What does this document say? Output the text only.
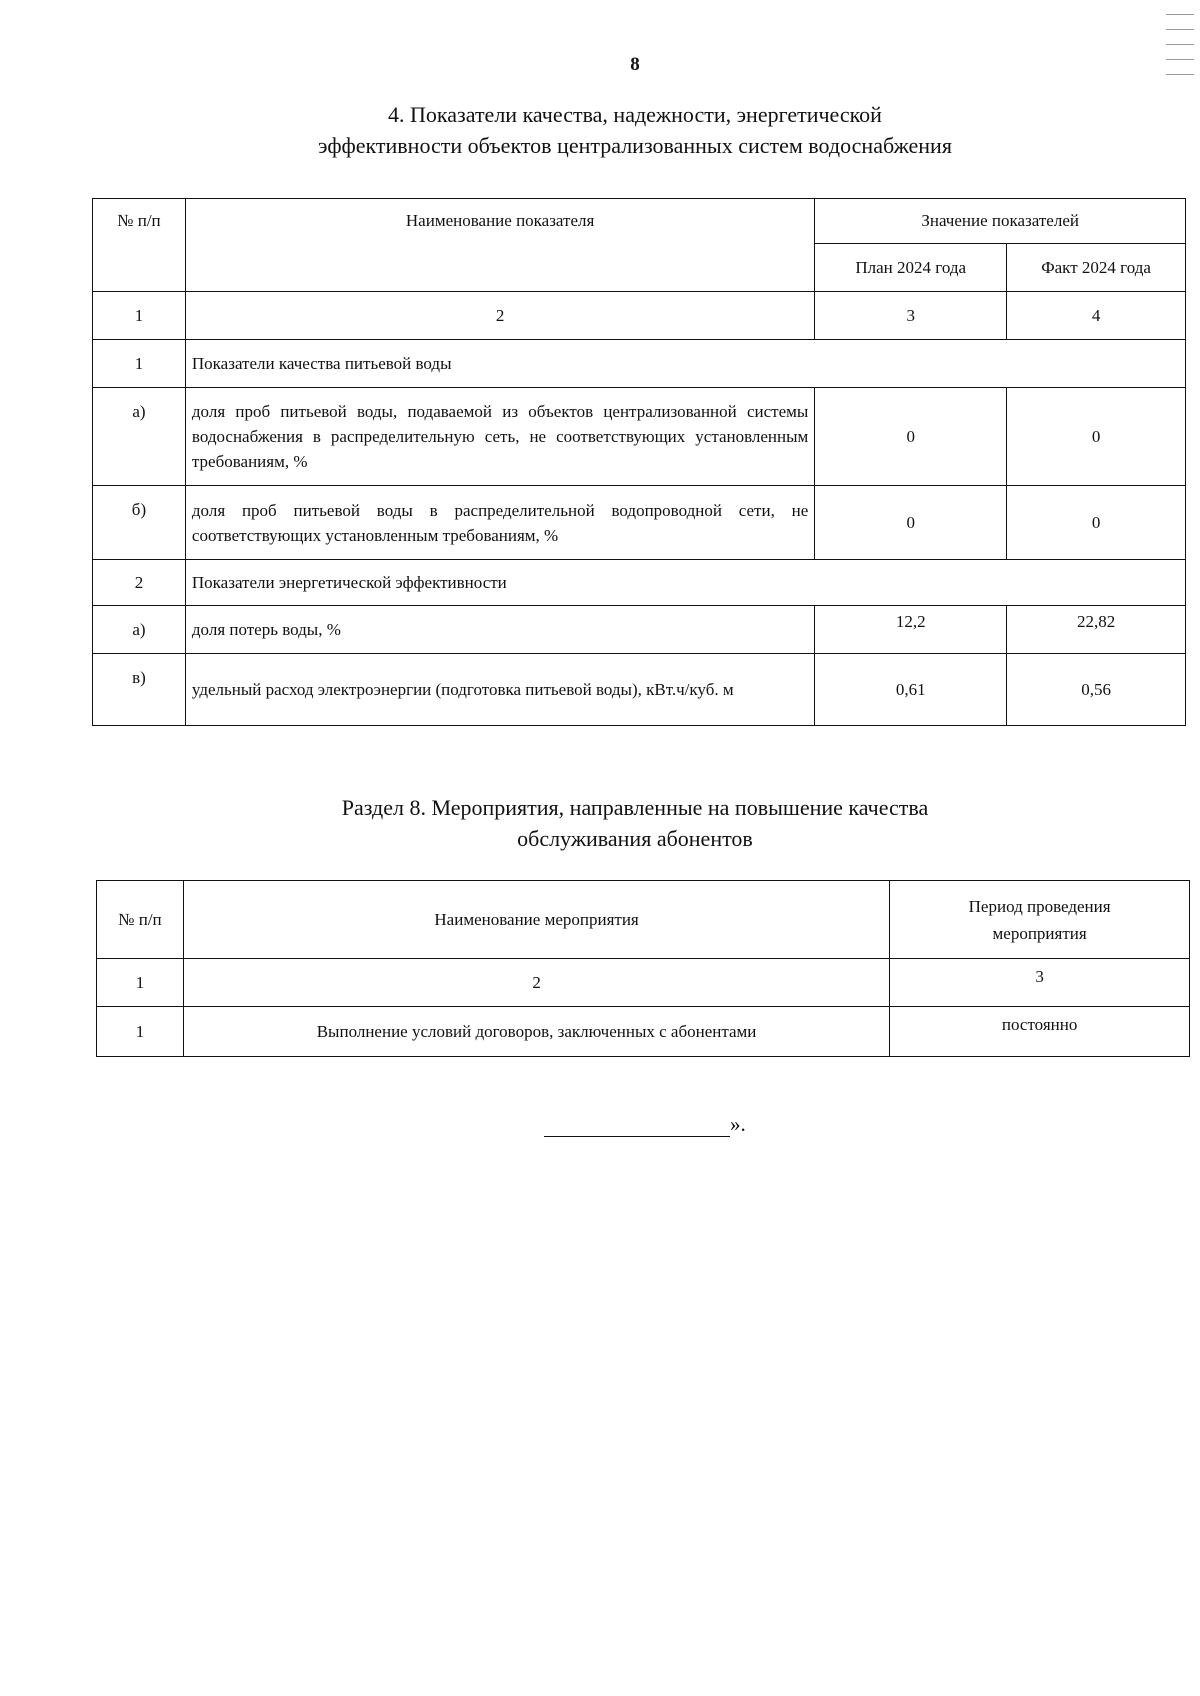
8
4. Показатели качества, надежности, энергетической
эффективности объектов централизованных систем водоснабжения
№ п/п	Наименование показателя	Значение показателей	
		План 2024 года	Факт 2024 года
1	2	3	4
1	Показатели качества питьевой воды		
а)	доля проб питьевой воды, подаваемой из объектов централизованной системы водоснабжения в распределительную сеть, не соответствующих установленным требованиям, %	0	0
б)	доля проб питьевой воды в распределительной водопроводной сети, не соответствующих установленным требованиям, %	0	0
2	Показатели энергетической эффективности		
а)	доля потерь воды, %	12,2	22,82
в)	удельный расход электроэнергии (подготовка питьевой воды), кВт.ч/куб. м	0,61	0,56
Раздел 8. Мероприятия, направленные на повышение качества
обслуживания абонентов
№ п/п	Наименование мероприятия	Период проведения
мероприятия

1	2	3
1	Выполнение условий договоров, заключенных с абонентами	постоянно
».
